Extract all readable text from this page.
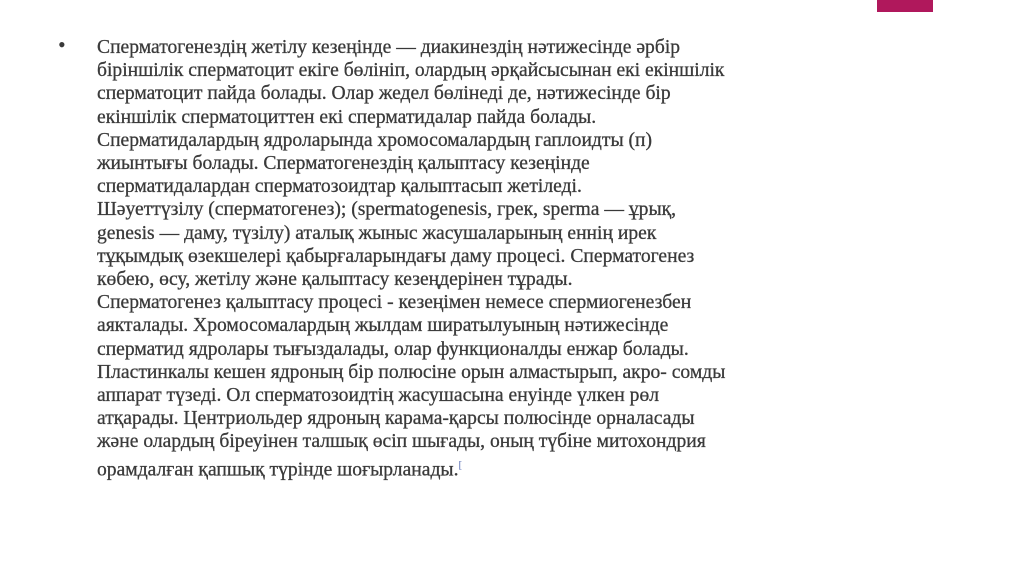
• Сперматогенездің жетілу кезеңінде — диакинездің нәтижесінде әрбір
біріншілік сперматоцит екіге бөлініп, олардың әрқайсысынан екі екіншілік
сперматоцит пайда болады. Олар жедел бөлінеді де, нәтижесінде бір
екіншілік сперматоциттен екі сперматидалар пайда болады.
Сперматидалардың ядроларында хромосомалардың гаплоидты (п)
жиынтығы болады. Сперматогенездің қалыптасу кезеңінде
сперматидалардан сперматозоидтар қалыптасып жетіледі.
Шәуеттүзілу (сперматогенез); (spermatogenesis, грек, sperma — ұрық,
genesis — даму, түзілу) аталық жыныс жасушаларының еннің ирек
тұқымдық өзекшелері қабырғаларындағы даму процесі. Сперматогенез
көбею, өсу, жетілу және қалыптасу кезеңдерінен тұрады.
Сперматогенез қалыптасу процесі - кезеңімен немесе спермиогенезбен
аякталады. Хромосомалардың жылдам ширатылуының нәтижесінде
сперматид ядролары тығыздалады, олар функционалды енжар болады.
Пластинкалы кешен ядроның бір полюсіне орын алмастырып, акро- сомды
аппарат түзеді. Ол сперматозоидтің жасушасына енуінде үлкен рөл
атқарады. Центриольдер ядроның карама-қарсы полюсінде орналасады
және олардың біреуінен талшық өсіп шығады, оның түбіне митохондрия
орамдалған қапшық түрінде шоғырланады.[
